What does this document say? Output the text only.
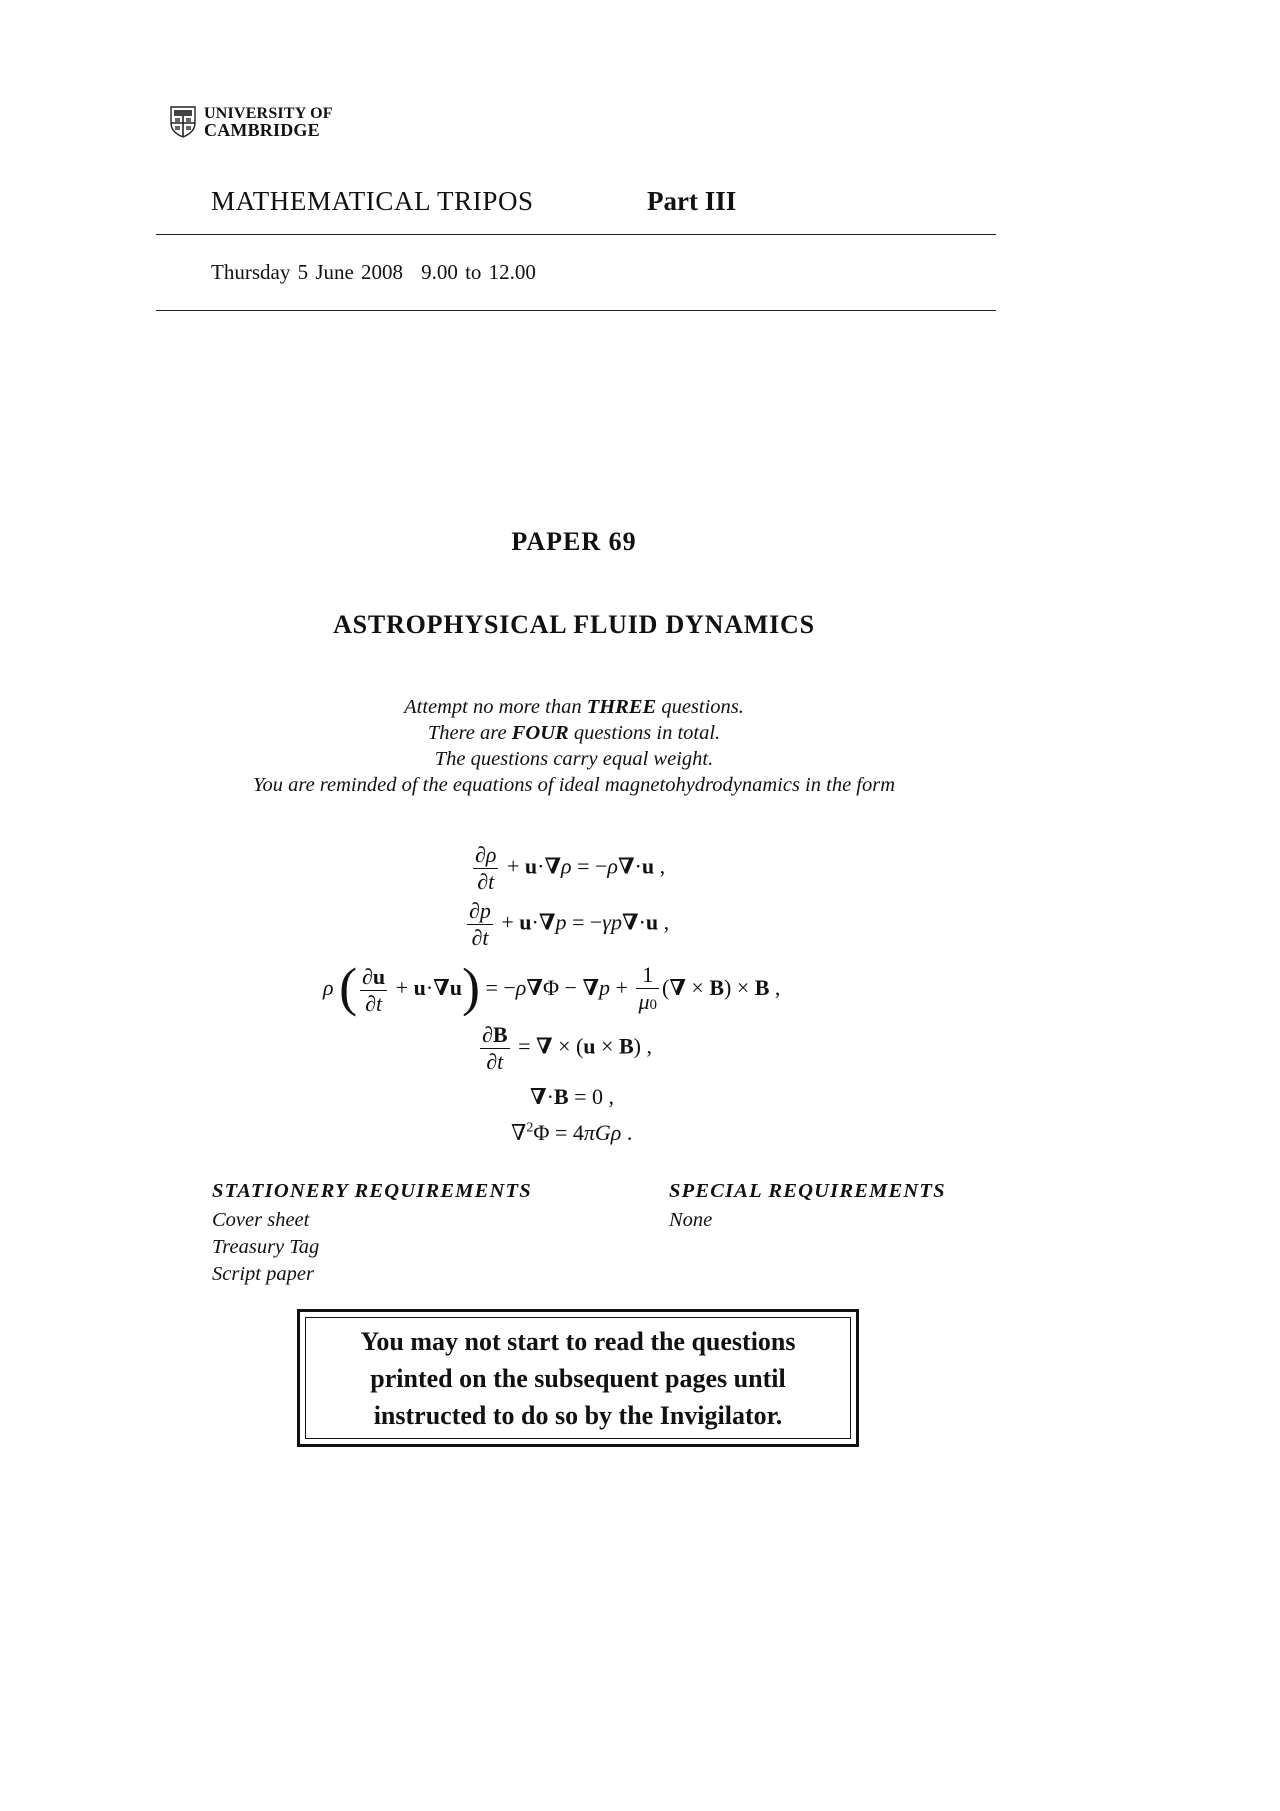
UNIVERSITY OF
CAMBRIDGE
MATHEMATICAL TRIPOS	Part III
Thursday 5 June 2008 9.00 to 12.00
PAPER 69
ASTROPHYSICAL FLUID DYNAMICS
Attempt no more than THREE questions.
There are FOUR questions in total.
The questions carry equal weight.
You are reminded of the equations of ideal magnetohydrodynamics in the form
$\frac{\partial\rho}{\partial t} + u\cdot\nabla\rho = -\rho\nabla\cdot u$ ,
$\frac{\partial p}{\partial t} + u\cdot\nabla p = -\gamma p\nabla\cdot u$ ,
ρ ( $\frac{\partial u}{\partial t} + u\cdot\nabla u) = -\rho\nabla\Phi - \nabla p + \frac{1}{\mu 0}$ (∇ × B) × B ,
$\frac{\partial B}{\partial t}$ = ∇ × (u × B) ,
∇·B = 0 ,
∇$^2$Φ = 4πGρ .
STATIONERY REQUIREMENTS
Cover sheet
Treasury Tag
Script paper
SPECIAL REQUIREMENTS
None
You may not start to read the questions
printed on the subsequent pages until
instructed to do so by the Invigilator.
